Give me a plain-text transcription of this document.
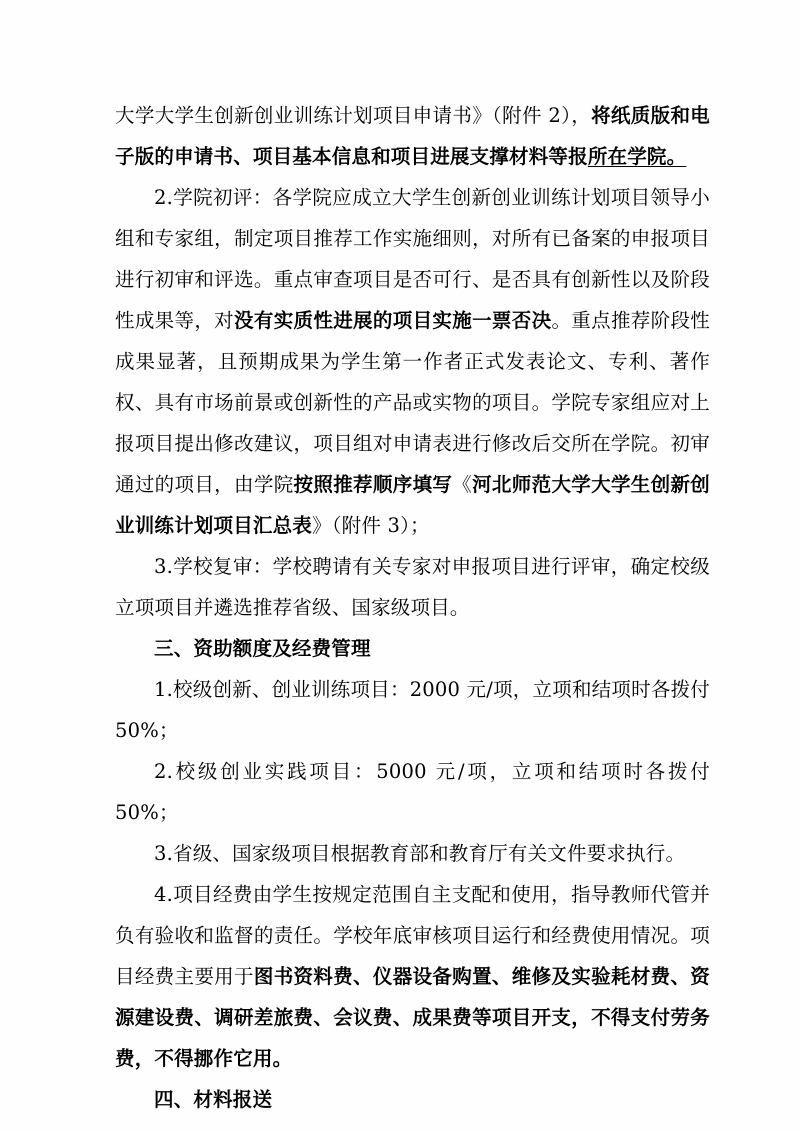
大学大学生创新创业训练计划项目申请书》（附件 2），将纸质版和电子版的申请书、项目基本信息和项目进展支撑材料等报所在学院。

2.学院初评：各学院应成立大学生创新创业训练计划项目领导小组和专家组，制定项目推荐工作实施细则，对所有已备案的申报项目进行初审和评选。重点审查项目是否可行、是否具有创新性以及阶段性成果等，对没有实质性进展的项目实施一票否决。重点推荐阶段性成果显著，且预期成果为学生第一作者正式发表论文、专利、著作权、具有市场前景或创新性的产品或实物的项目。学院专家组应对上报项目提出修改建议，项目组对申请表进行修改后交所在学院。初审通过的项目，由学院按照推荐顺序填写《河北师范大学大学生创新创业训练计划项目汇总表》（附件 3）；

3.学校复审：学校聘请有关专家对申报项目进行评审，确定校级立项项目并遴选推荐省级、国家级项目。

三、资助额度及经费管理

1.校级创新、创业训练项目：2000 元/项，立项和结项时各拨付 50%；

2.校级创业实践项目：5000 元/项，立项和结项时各拨付 50%；

3.省级、国家级项目根据教育部和教育厅有关文件要求执行。

4.项目经费由学生按规定范围自主支配和使用，指导教师代管并负有验收和监督的责任。学校年底审核项目运行和经费使用情况。项目经费主要用于图书资料费、仪器设备购置、维修及实验耗材费、资源建设费、调研差旅费、会议费、成果费等项目开支，不得支付劳务费，不得挪作它用。

四、材料报送
